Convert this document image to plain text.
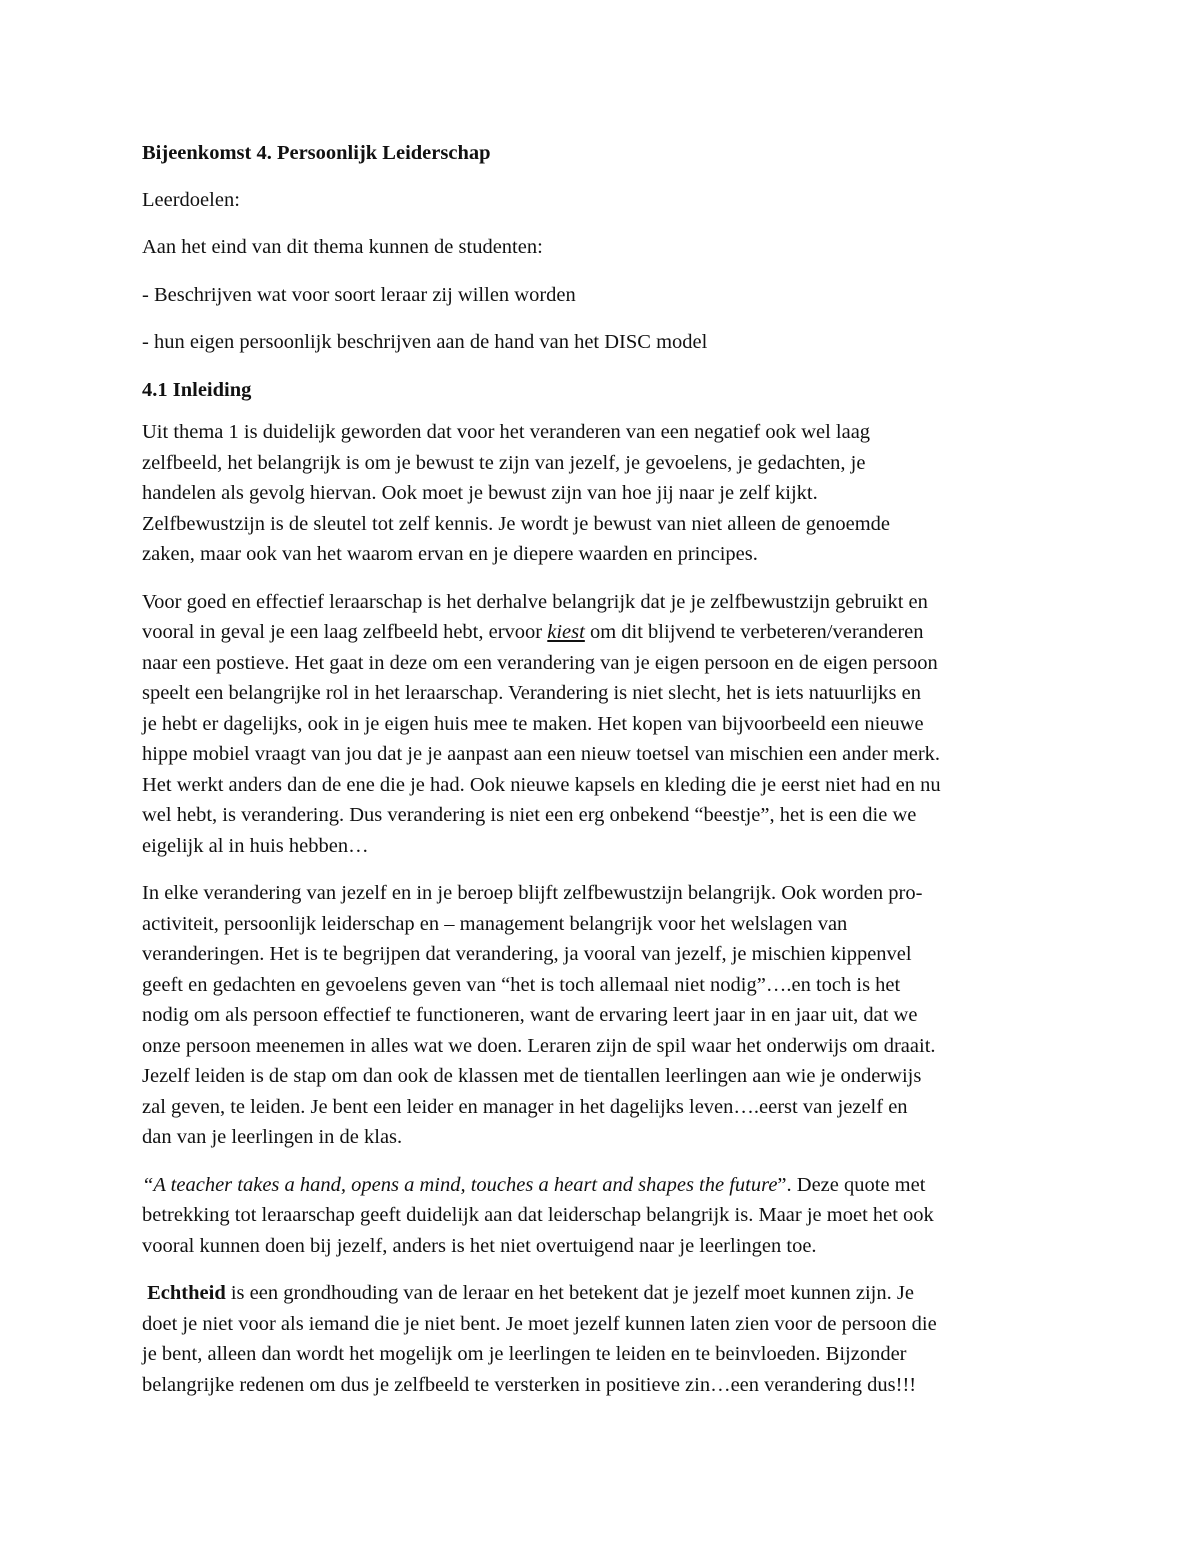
Bijeenkomst 4. Persoonlijk Leiderschap
Leerdoelen:
Aan het eind van dit thema kunnen de studenten:
- Beschrijven wat voor soort leraar zij willen worden
- hun eigen persoonlijk beschrijven aan de hand van het DISC model
4.1 Inleiding
Uit thema 1 is duidelijk geworden dat voor het veranderen van een negatief ook wel laag
zelfbeeld, het belangrijk is om je bewust te zijn van jezelf, je gevoelens, je gedachten, je
handelen als gevolg hiervan. Ook moet je bewust zijn van hoe jij naar je zelf kijkt.
Zelfbewustzijn is de sleutel tot zelf kennis. Je wordt je bewust van niet alleen de genoemde
zaken, maar ook van het waarom ervan en je diepere waarden en principes.
Voor goed en effectief leraarschap is het derhalve belangrijk dat je je zelfbewustzijn gebruikt en
vooral in geval je een laag zelfbeeld hebt, ervoor kiest om dit blijvend te verbeteren/veranderen
naar een postieve. Het gaat in deze om een verandering van je eigen persoon en de eigen persoon
speelt een belangrijke rol in het leraarschap. Verandering is niet slecht, het is iets natuurlijks en
je hebt er dagelijks, ook in je eigen huis mee te maken. Het kopen van bijvoorbeeld een nieuwe
hippe mobiel vraagt van jou dat je je aanpast aan een nieuw toetsel van mischien een ander merk.
Het werkt anders dan de ene die je had. Ook nieuwe kapsels en kleding die je eerst niet had en nu
wel hebt, is verandering. Dus verandering is niet een erg onbekend “beestje”, het is een die we
eigelijk al in huis hebben…
In elke verandering van jezelf en in je beroep blijft zelfbewustzijn belangrijk. Ook worden pro-
activiteit, persoonlijk leiderschap en – management belangrijk voor het welslagen van
veranderingen. Het is te begrijpen dat verandering, ja vooral van jezelf, je mischien kippenvel
geeft en gedachten en gevoelens geven van “het is toch allemaal niet nodig”….en toch is het
nodig om als persoon effectief te functioneren, want de ervaring leert jaar in en jaar uit, dat we
onze persoon meenemen in alles wat we doen. Leraren zijn de spil waar het onderwijs om draait.
Jezelf leiden is de stap om dan ook de klassen met de tientallen leerlingen aan wie je onderwijs
zal geven, te leiden. Je bent een leider en manager in het dagelijks leven….eerst van jezelf en
dan van je leerlingen in de klas.
“A teacher takes a hand, opens a mind, touches a heart and shapes the future”. Deze quote met
betrekking tot leraarschap geeft duidelijk aan dat leiderschap belangrijk is. Maar je moet het ook
vooral kunnen doen bij jezelf, anders is het niet overtuigend naar je leerlingen toe.
Echtheid is een grondhouding van de leraar en het betekent dat je jezelf moet kunnen zijn. Je
doet je niet voor als iemand die je niet bent. Je moet jezelf kunnen laten zien voor de persoon die
je bent, alleen dan wordt het mogelijk om je leerlingen te leiden en te beinvloeden. Bijzonder
belangrijke redenen om dus je zelfbeeld te versterken in positieve zin…een verandering dus!!!
